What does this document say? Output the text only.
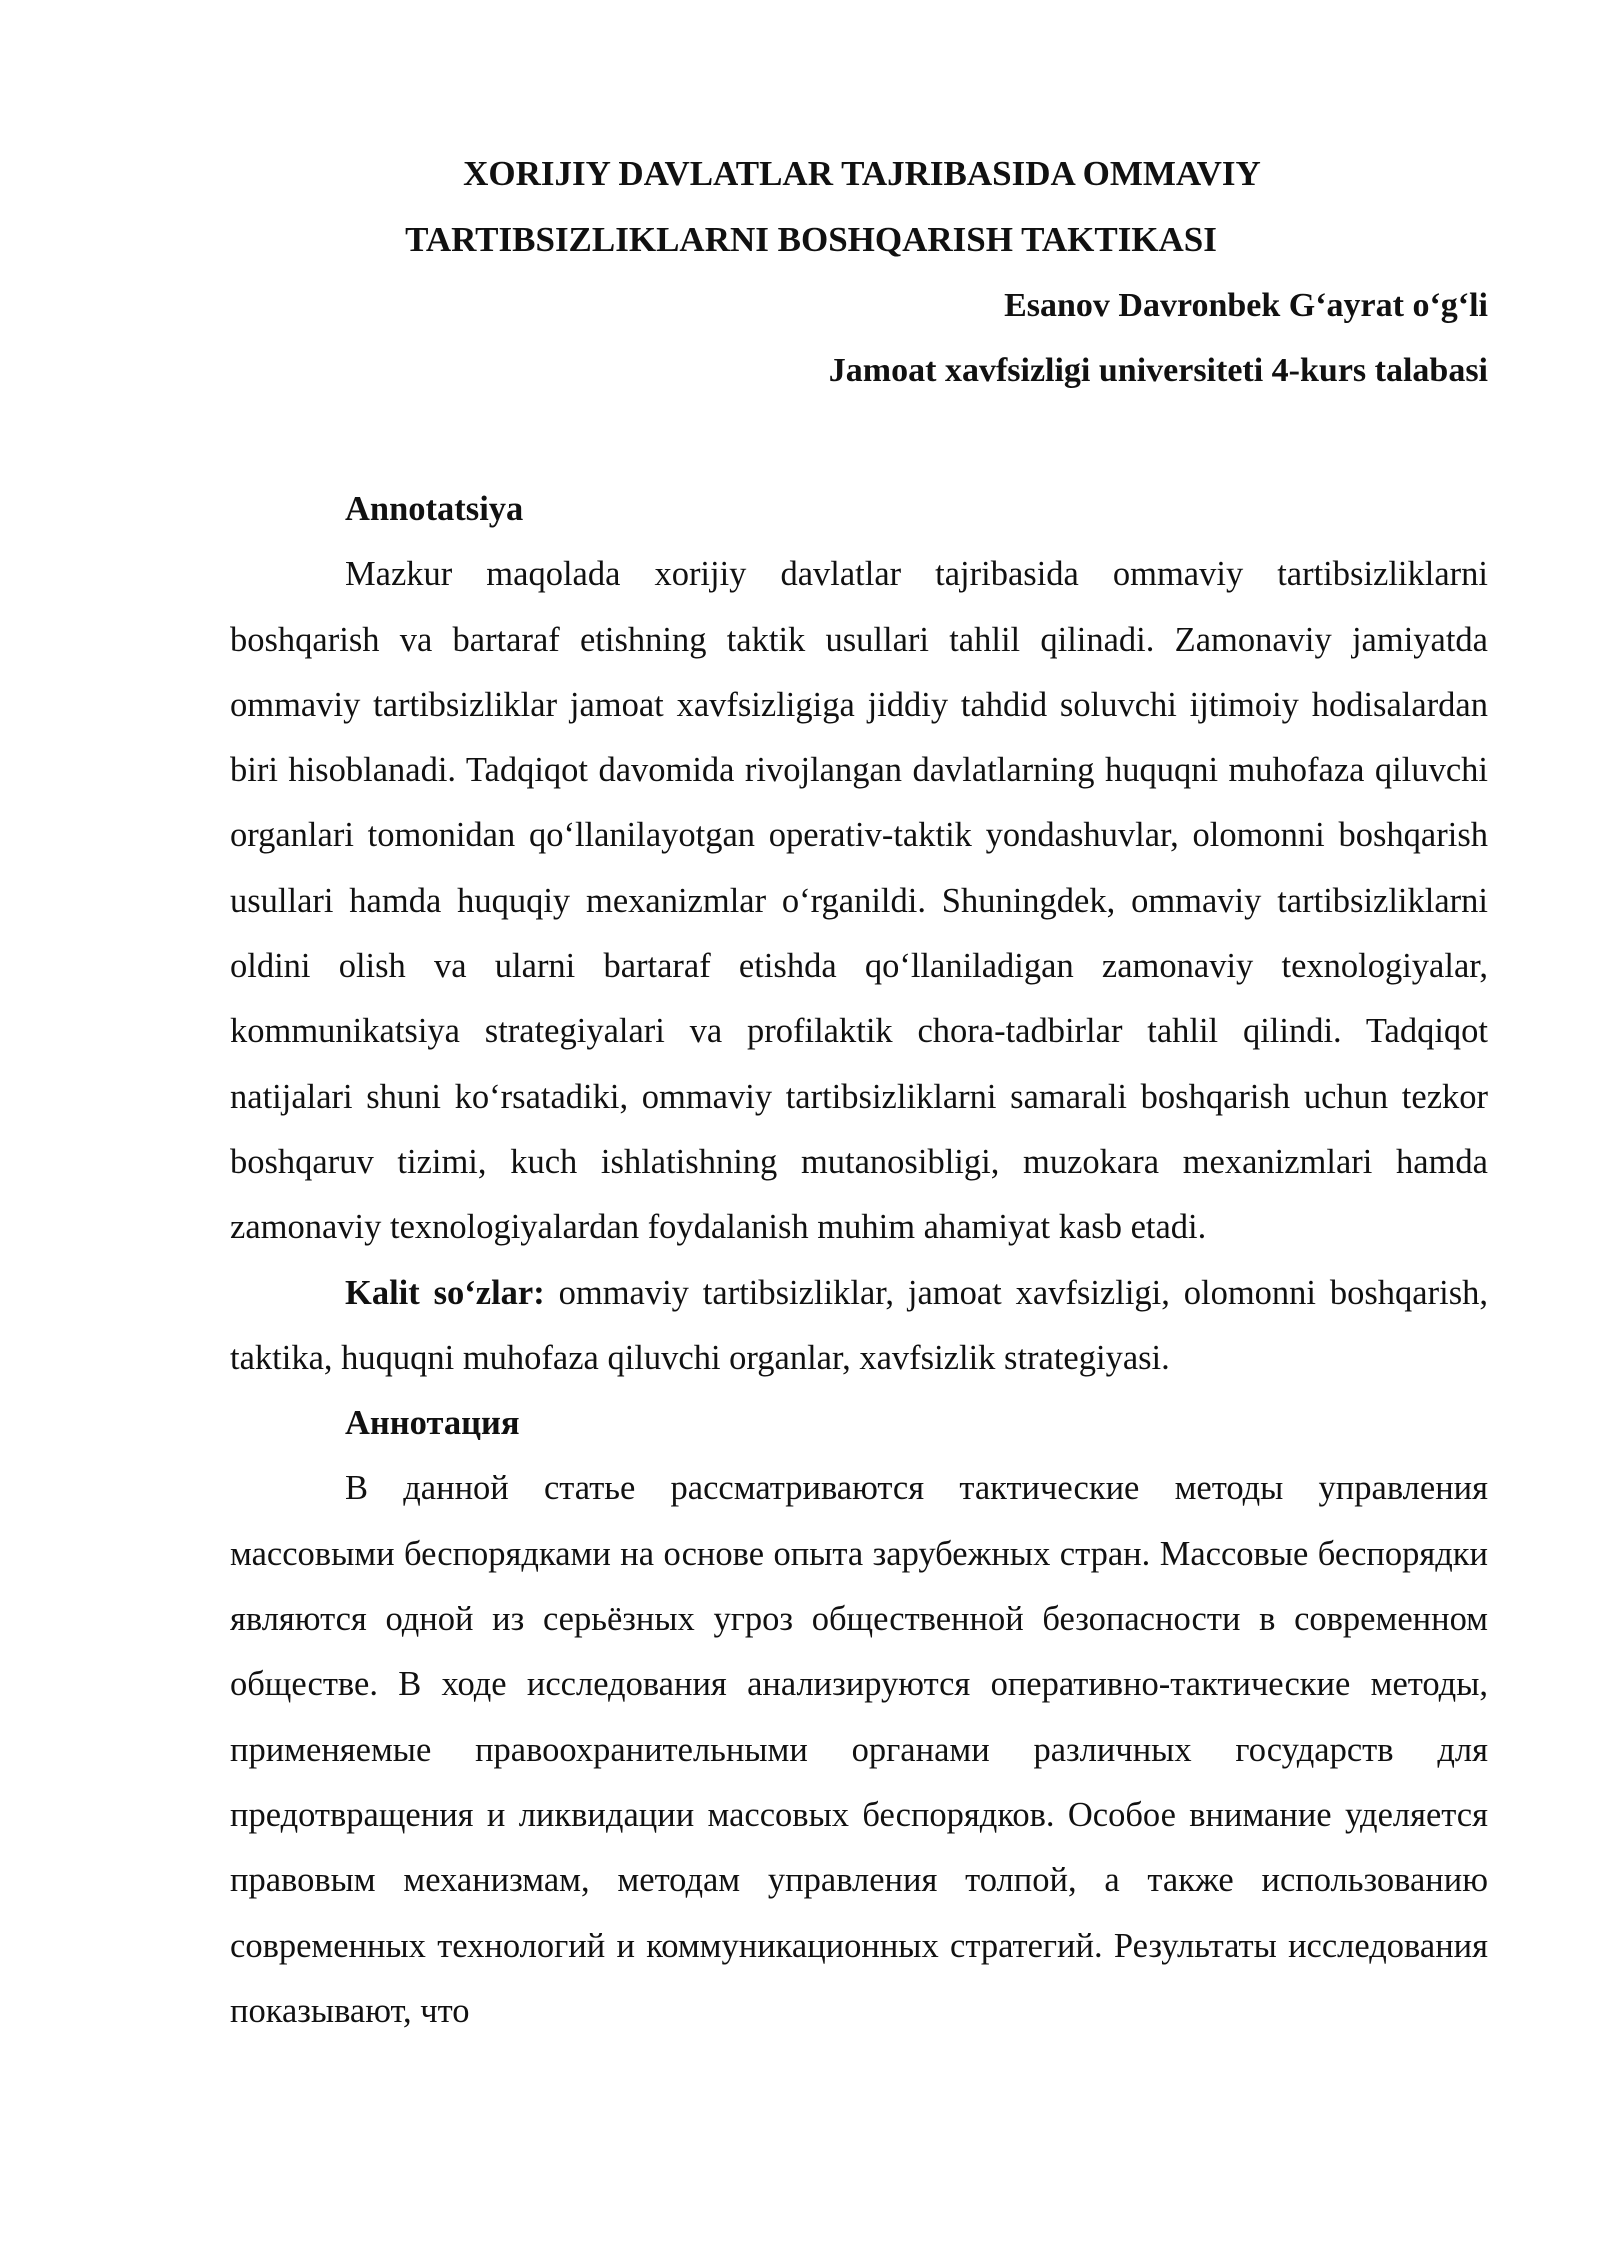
XORIJIY DAVLATLAR TAJRIBASIDA OMMAVIY
TARTIBSIZLIKLARNI BOSHQARISH TAKTIKASI
Esanov Davronbek G‘ayrat o‘g‘li
Jamoat xavfsizligi universiteti 4-kurs talabasi
Annotatsiya

Mazkur maqolada xorijiy davlatlar tajribasida ommaviy tartibsizliklarni boshqarish va bartaraf etishning taktik usullari tahlil qilinadi. Zamonaviy jamiyatda ommaviy tartibsizliklar jamoat xavfsizligiga jiddiy tahdid soluvchi ijtimoiy hodisalardan biri hisoblanadi. Tadqiqot davomida rivojlangan davlatlarning huquqni muhofaza qiluvchi organlari tomonidan qo‘llanilayotgan operativ-taktik yondashuvlar, olomonni boshqarish usullari hamda huquqiy mexanizmlar o‘rganildi. Shuningdek, ommaviy tartibsizliklarni oldini olish va ularni bartaraf etishda qo‘llaniladigan zamonaviy texnologiyalar, kommunikatsiya strategiyalari va profilaktik chora-tadbirlar tahlil qilindi. Tadqiqot natijalari shuni ko‘rsatadiki, ommaviy tartibsizliklarni samarali boshqarish uchun tezkor boshqaruv tizimi, kuch ishlatishning mutanosibligi, muzokara mexanizmlari hamda zamonaviy texnologiyalardan foydalanish muhim ahamiyat kasb etadi.

Kalit so‘zlar: ommaviy tartibsizliklar, jamoat xavfsizligi, olomonni boshqarish, taktika, huquqni muhofaza qiluvchi organlar, xavfsizlik strategiyasi.

Аннотация

В данной статье рассматриваются тактические методы управления массовыми беспорядками на основе опыта зарубежных стран. Массовые беспорядки являются одной из серьёзных угроз общественной безопасности в современном обществе. В ходе исследования анализируются оперативно-тактические методы, применяемые правоохранительными органами различных государств для предотвращения и ликвидации массовых беспорядков. Особое внимание уделяется правовым механизмам, методам управления толпой, а также использованию современных технологий и коммуникационных стратегий. Результаты исследования показывают, что
